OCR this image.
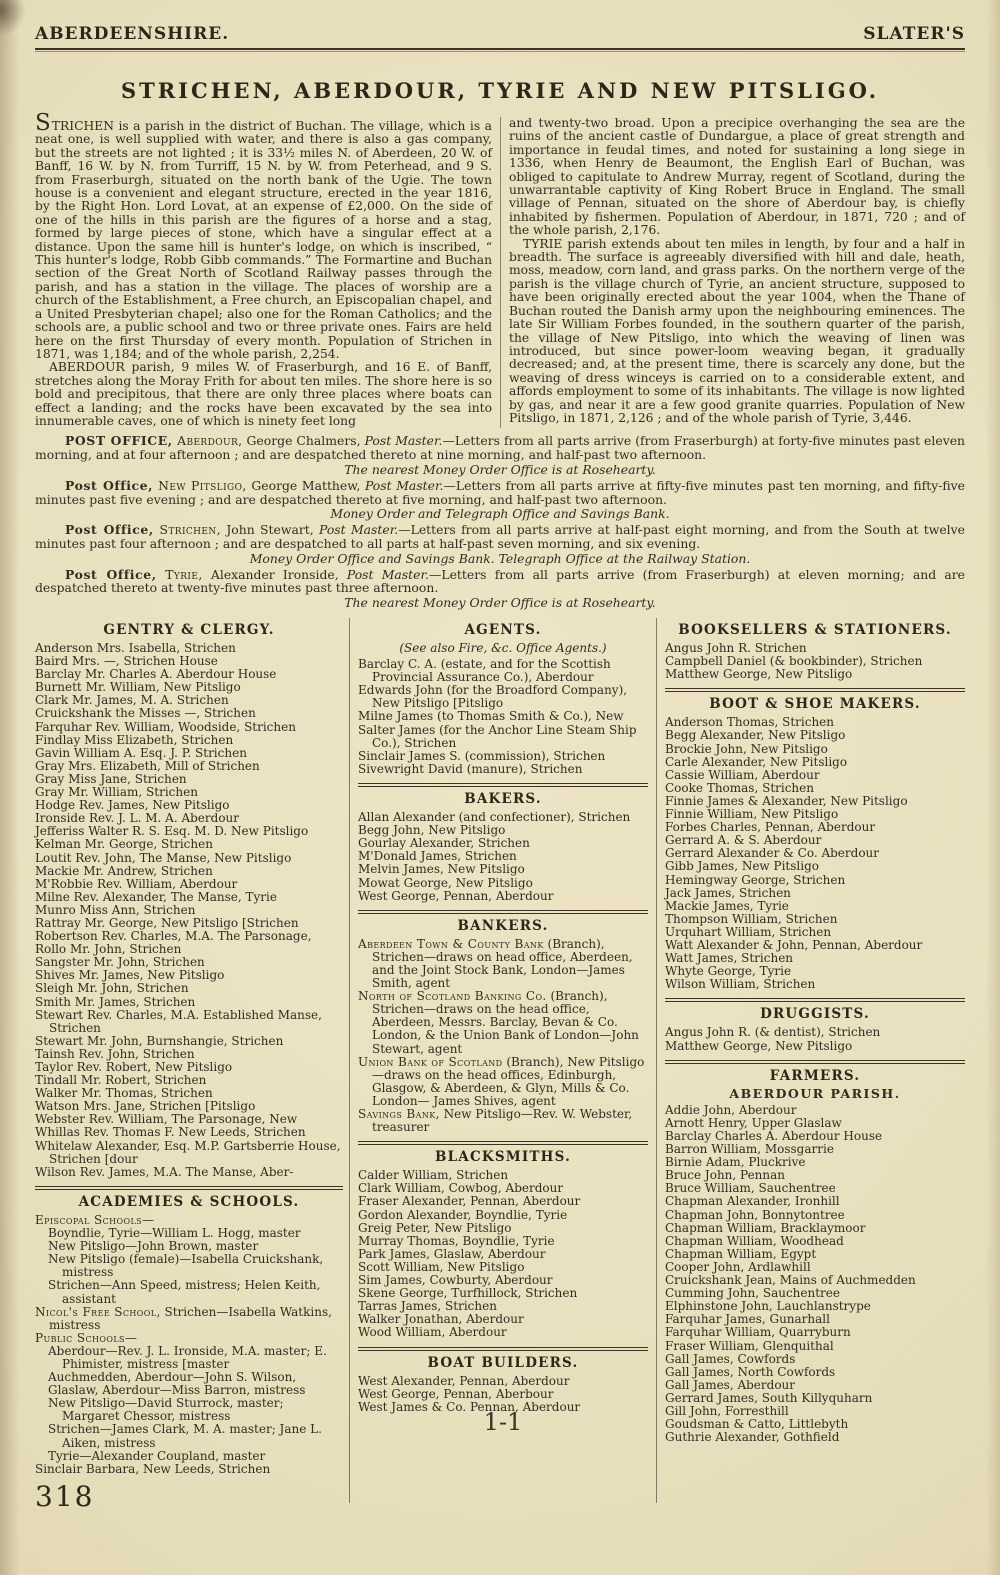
ABERDEENSHIRE.	SLATER'S
STRICHEN, ABERDOUR, TYRIE AND NEW PITSLIGO.

STRICHEN is a parish in the district of Buchan. The village, which is a neat one, is well supplied with water, and there is also a gas company, but the streets are not lighted ; it is 33½ miles N. of Aberdeen, 20 W. of Banff, 16 W. by N. from Turriff, 15 N. by W. from Peterhead, and 9 S. from Fraserburgh, situated on the north bank of the Ugie. The town house is a convenient and elegant structure, erected in the year 1816, by the Right Hon. Lord Lovat, at an expense of £2,000. On the side of one of the hills in this parish are the figures of a horse and a stag, formed by large pieces of stone, which have a singular effect at a distance. Upon the same hill is hunter's lodge, on which is inscribed, “ This hunter's lodge, Robb Gibb commands.” The Formartine and Buchan section of the Great North of Scotland Railway passes through the parish, and has a station in the village. The places of worship are a church of the Establishment, a Free church, an Episcopalian chapel, and a United Presbyterian chapel; also one for the Roman Catholics; and the schools are, a public school and two or three private ones. Fairs are held here on the first Thursday of every month. Population of Strichen in 1871, was 1,184; and of the whole parish, 2,254.

ABERDOUR parish, 9 miles W. of Fraserburgh, and 16 E. of Banff, stretches along the Moray Frith for about ten miles. The shore here is so bold and precipitous, that there are only three places where boats can effect a landing; and the rocks have been excavated by the sea into innumerable caves, one of which is ninety feet long

and twenty-two broad. Upon a precipice overhanging the sea are the ruins of the ancient castle of Dundargue, a place of great strength and importance in feudal times, and noted for sustaining a long siege in 1336, when Henry de Beaumont, the English Earl of Buchan, was obliged to capitulate to Andrew Murray, regent of Scotland, during the unwarrantable captivity of King Robert Bruce in England. The small village of Pennan, situated on the shore of Aberdour bay, is chiefly inhabited by fishermen. Population of Aberdour, in 1871, 720 ; and of the whole parish, 2,176.

TYRIE parish extends about ten miles in length, by four and a half in breadth. The surface is agreeably diversified with hill and dale, heath, moss, meadow, corn land, and grass parks. On the northern verge of the parish is the village church of Tyrie, an ancient structure, supposed to have been originally erected about the year 1004, when the Thane of Buchan routed the Danish army upon the neighbouring eminences. The late Sir William Forbes founded, in the southern quarter of the parish, the village of New Pitsligo, into which the weaving of linen was introduced, but since power-loom weaving began, it gradually decreased; and, at the present time, there is scarcely any done, but the weaving of dress winceys is carried on to a considerable extent, and affords employment to some of its inhabitants. The village is now lighted by gas, and near it are a few good granite quarries. Population of New Pitsligo, in 1871, 2,126 ; and of the whole parish of Tyrie, 3,446.

POST OFFICE, Aberdour, George Chalmers, Post Master.—Letters from all parts arrive (from Fraserburgh) at forty-five minutes past eleven morning, and at four afternoon ; and are despatched thereto at nine morning, and half-past two afternoon.

The nearest Money Order Office is at Rosehearty.

Post Office, New Pitsligo, George Matthew, Post Master.—Letters from all parts arrive at fifty-five minutes past ten morning, and fifty-five minutes past five evening ; and are despatched thereto at five morning, and half-past two afternoon.

Money Order and Telegraph Office and Savings Bank.

Post Office, Strichen, John Stewart, Post Master.—Letters from all parts arrive at half-past eight morning, and from the South at twelve minutes past four afternoon ; and are despatched to all parts at half-past seven morning, and six evening.

Money Order Office and Savings Bank. Telegraph Office at the Railway Station.

Post Office, Tyrie, Alexander Ironside, Post Master.—Letters from all parts arrive (from Fraserburgh) at eleven morning; and are despatched thereto at twenty-five minutes past three afternoon.

The nearest Money Order Office is at Rosehearty.

GENTRY & CLERGY.
Anderson Mrs. Isabella, Strichen
Baird Mrs. —, Strichen House
Barclay Mr. Charles A. Aberdour House
Burnett Mr. William, New Pitsligo
Clark Mr. James, M. A. Strichen
Cruickshank the Misses —, Strichen
Farquhar Rev. William, Woodside, Strichen
Findlay Miss Elizabeth, Strichen
Gavin William A. Esq. J. P. Strichen
Gray Mrs. Elizabeth, Mill of Strichen
Gray Miss Jane, Strichen
Gray Mr. William, Strichen
Hodge Rev. James, New Pitsligo
Ironside Rev. J. L. M. A. Aberdour
Jefferiss Walter R. S. Esq. M. D. New Pitsligo
Kelman Mr. George, Strichen
Loutit Rev. John, The Manse, New Pitsligo
Mackie Mr. Andrew, Strichen
M'Robbie Rev. William, Aberdour
Milne Rev. Alexander, The Manse, Tyrie
Munro Miss Ann, Strichen
Rattray Mr. George, New Pitsligo [Strichen
Robertson Rev. Charles, M.A. The Parsonage,
Rollo Mr. John, Strichen
Sangster Mr. John, Strichen
Shives Mr. James, New Pitsligo
Sleigh Mr. John, Strichen
Smith Mr. James, Strichen
Stewart Rev. Charles, M.A. Established Manse, Strichen
Stewart Mr. John, Burnshangie, Strichen
Tainsh Rev. John, Strichen
Taylor Rev. Robert, New Pitsligo
Tindall Mr. Robert, Strichen
Walker Mr. Thomas, Strichen
Watson Mrs. Jane, Strichen [Pitsligo
Webster Rev. William, The Parsonage, New
Whillas Rev. Thomas F. New Leeds, Strichen
Whitelaw Alexander, Esq. M.P. Gartsberrie House, Strichen [dour
Wilson Rev. James, M.A. The Manse, Aber-
ACADEMIES & SCHOOLS.
Episcopal Schools—
Boyndlie, Tyrie—William L. Hogg, master
New Pitsligo—John Brown, master
New Pitsligo (female)—Isabella Cruickshank, mistress
Strichen—Ann Speed, mistress; Helen Keith, assistant
Nicol's Free School, Strichen—Isabella Watkins, mistress
Public Schools—
Aberdour—Rev. J. L. Ironside, M.A. master; E. Phimister, mistress [master
Auchmedden, Aberdour—John S. Wilson,
Glaslaw, Aberdour—Miss Barron, mistress
New Pitsligo—David Sturrock, master; Margaret Chessor, mistress
Strichen—James Clark, M. A. master; Jane L. Aiken, mistress
Tyrie—Alexander Coupland, master
Sinclair Barbara, New Leeds, Strichen
318
AGENTS.
(See also Fire, &c. Office Agents.)
Barclay C. A. (estate, and for the Scottish Provincial Assurance Co.), Aberdour
Edwards John (for the Broadford Company), New Pitsligo [Pitsligo
Milne James (to Thomas Smith & Co.), New
Salter James (for the Anchor Line Steam Ship Co.), Strichen
Sinclair James S. (commission), Strichen
Sivewright David (manure), Strichen
BAKERS.
Allan Alexander (and confectioner), Strichen
Begg John, New Pitsligo
Gourlay Alexander, Strichen
M'Donald James, Strichen
Melvin James, New Pitsligo
Mowat George, New Pitsligo
West George, Pennan, Aberdour
BANKERS.
Aberdeen Town & County Bank (Branch), Strichen—draws on head office, Aberdeen, and the Joint Stock Bank, London—James Smith, agent
North of Scotland Banking Co. (Branch), Strichen—draws on the head office, Aberdeen, Messrs. Barclay, Bevan & Co. London, & the Union Bank of London—John Stewart, agent
Union Bank of Scotland (Branch), New Pitsligo—draws on the head offices, Edinburgh, Glasgow, & Aberdeen, & Glyn, Mills & Co. London— James Shives, agent
Savings Bank, New Pitsligo—Rev. W. Webster, treasurer
BLACKSMITHS.
Calder William, Strichen
Clark William, Cowbog, Aberdour
Fraser Alexander, Pennan, Aberdour
Gordon Alexander, Boyndlie, Tyrie
Greig Peter, New Pitsligo
Murray Thomas, Boyndlie, Tyrie
Park James, Glaslaw, Aberdour
Scott William, New Pitsligo
Sim James, Cowburty, Aberdour
Skene George, Turfhillock, Strichen
Tarras James, Strichen
Walker Jonathan, Aberdour
Wood William, Aberdour
BOAT BUILDERS.
West Alexander, Pennan, Aberdour
West George, Pennan, Aberbour
West James & Co. Pennan, Aberdour
1-1
BOOKSELLERS & STATIONERS.
Angus John R. Strichen
Campbell Daniel (& bookbinder), Strichen
Matthew George, New Pitsligo
BOOT & SHOE MAKERS.
Anderson Thomas, Strichen
Begg Alexander, New Pitsligo
Brockie John, New Pitsligo
Carle Alexander, New Pitsligo
Cassie William, Aberdour
Cooke Thomas, Strichen
Finnie James & Alexander, New Pitsligo
Finnie William, New Pitsligo
Forbes Charles, Pennan, Aberdour
Gerrard A. & S. Aberdour
Gerrard Alexander & Co. Aberdour
Gibb James, New Pitsligo
Hemingway George, Strichen
Jack James, Strichen
Mackie James, Tyrie
Thompson William, Strichen
Urquhart William, Strichen
Watt Alexander & John, Pennan, Aberdour
Watt James, Strichen
Whyte George, Tyrie
Wilson William, Strichen
DRUGGISTS.
Angus John R. (& dentist), Strichen
Matthew George, New Pitsligo
FARMERS.
ABERDOUR PARISH.
Addie John, Aberdour
Arnott Henry, Upper Glaslaw
Barclay Charles A. Aberdour House
Barron William, Mossgarrie
Birnie Adam, Pluckrive
Bruce John, Pennan
Bruce William, Sauchentree
Chapman Alexander, Ironhill
Chapman John, Bonnytontree
Chapman William, Bracklaymoor
Chapman William, Woodhead
Chapman William, Egypt
Cooper John, Ardlawhill
Cruickshank Jean, Mains of Auchmedden
Cumming John, Sauchentree
Elphinstone John, Lauchlanstrype
Farquhar James, Gunarhall
Farquhar William, Quarryburn
Fraser William, Glenquithal
Gall James, Cowfords
Gall James, North Cowfords
Gall James, Aberdour
Gerrard James, South Killyquharn
Gill John, Forresthill
Goudsman & Catto, Littlebyth
Guthrie Alexander, Gothfield
